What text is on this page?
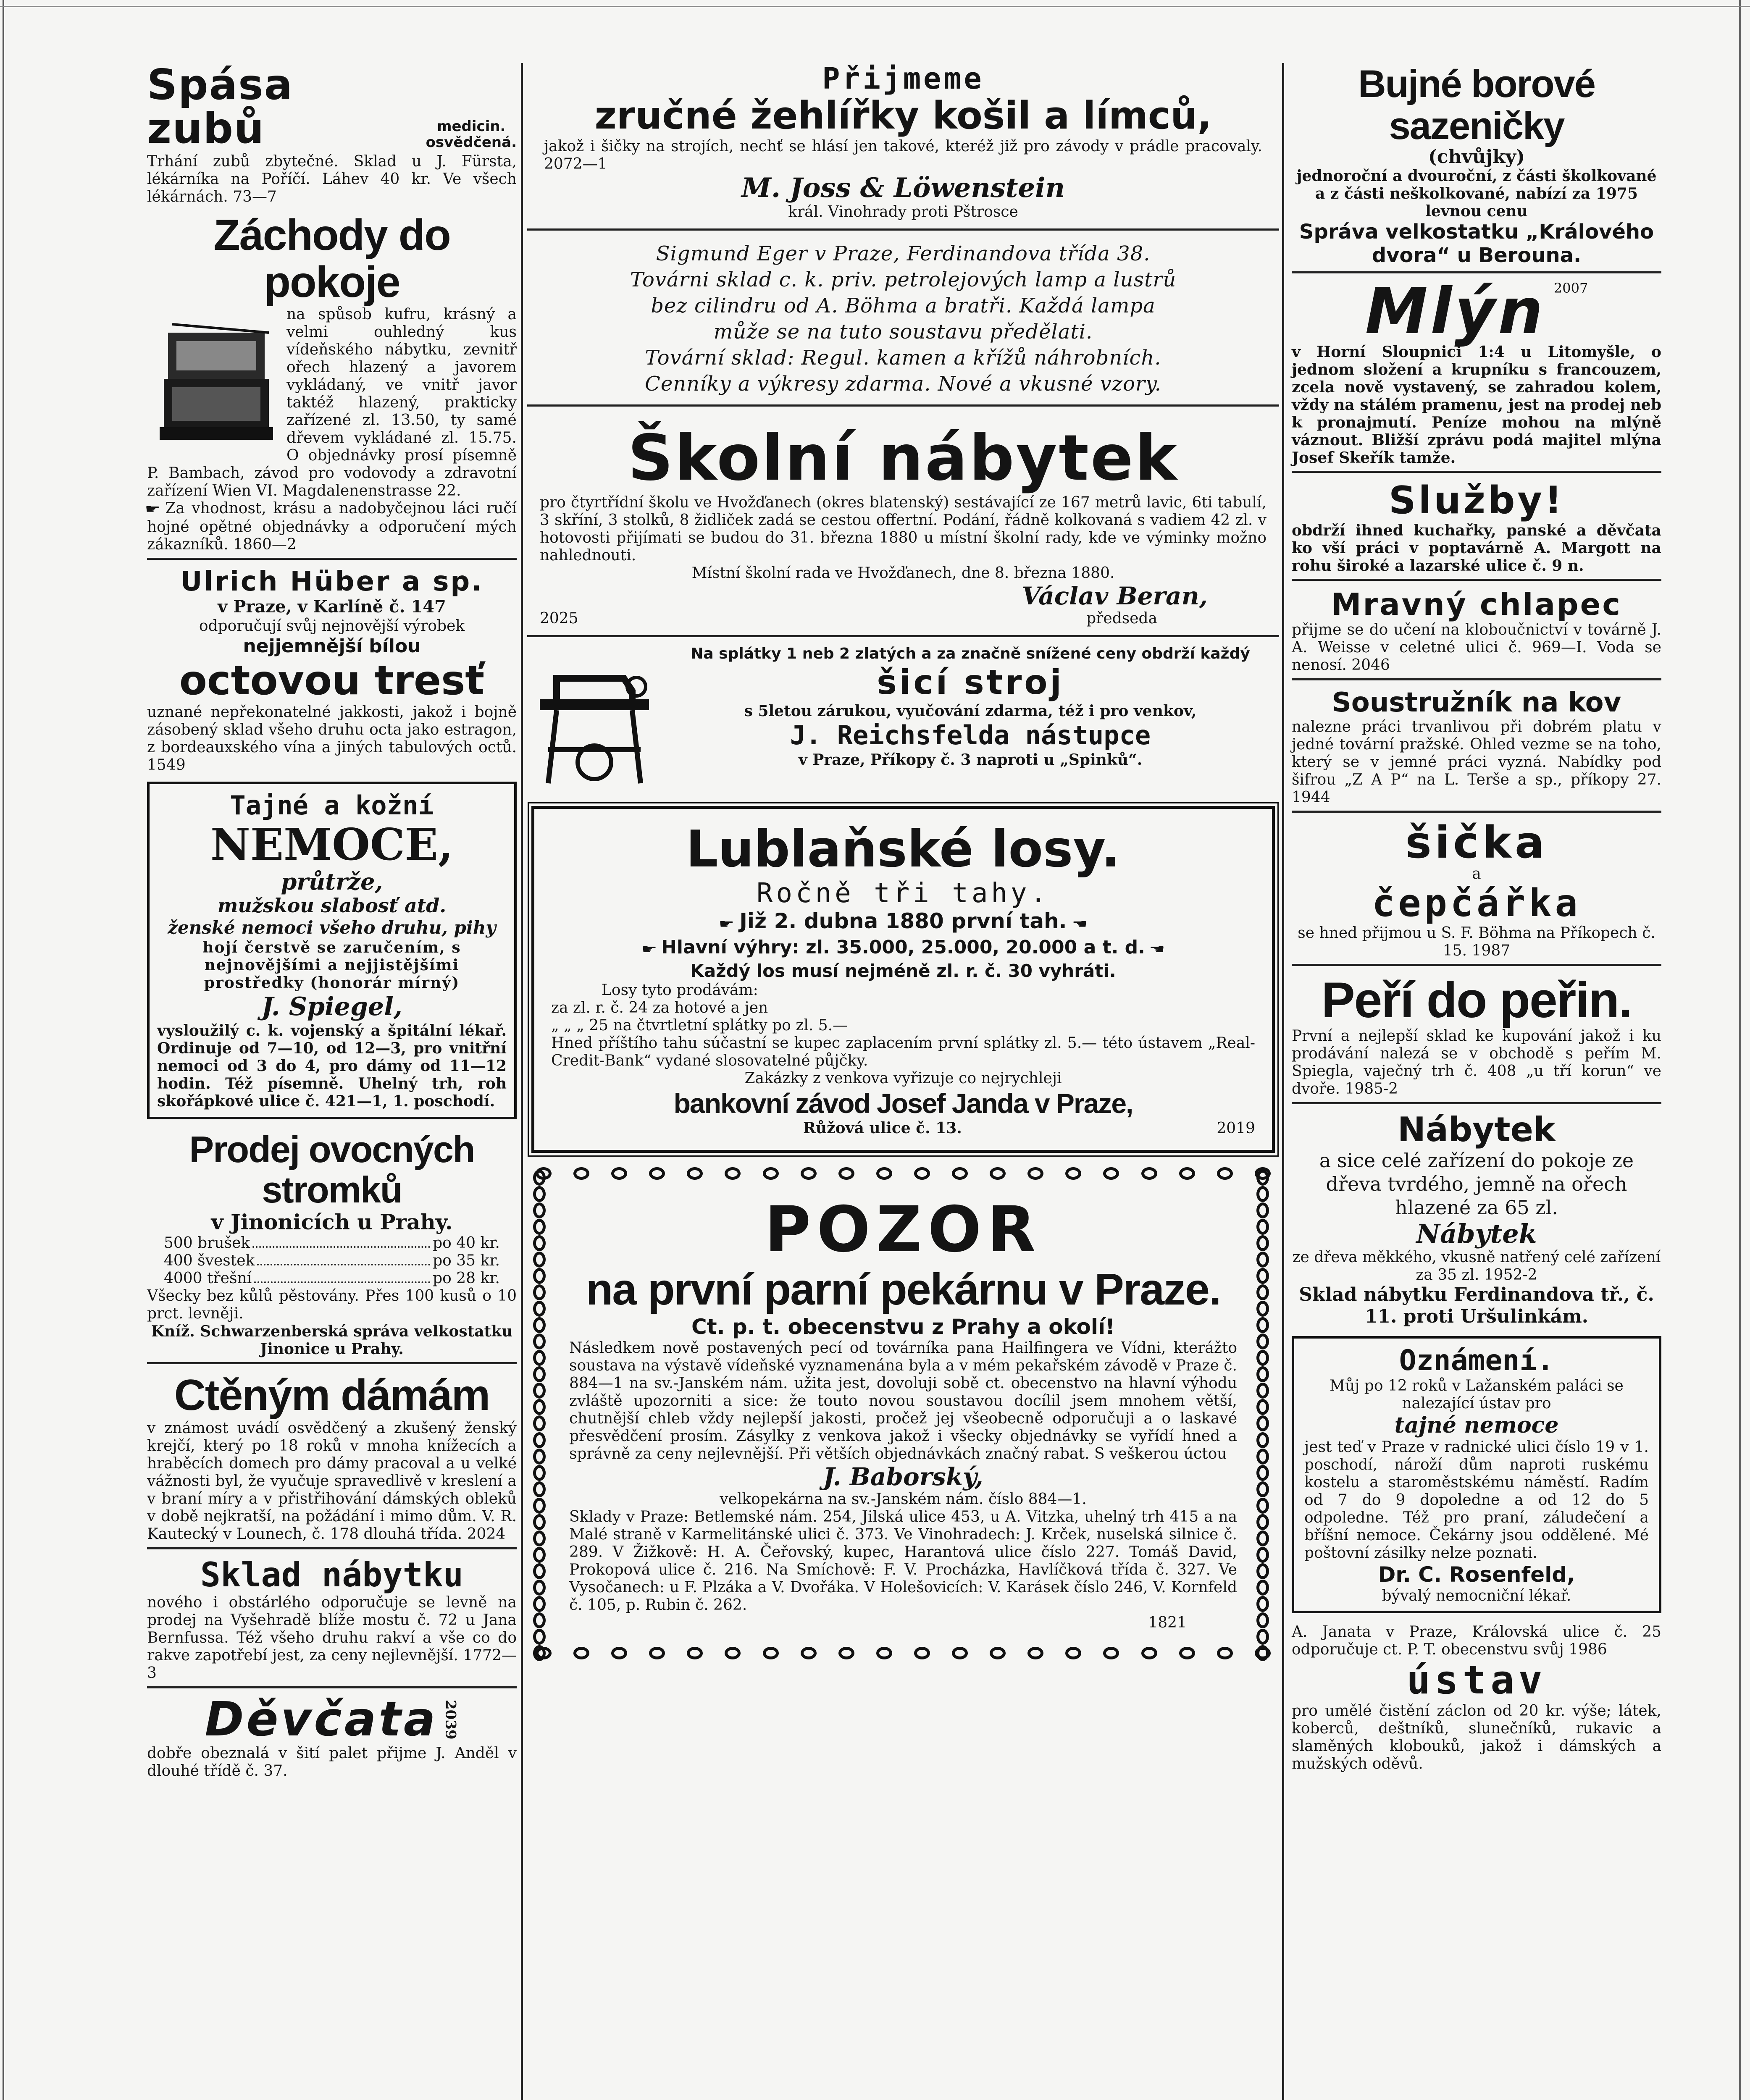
Spása zubů	medicin.
osvědčená.
Trhání zubů zbytečné. Sklad u J. Fürsta, lékárníka na Poříčí. Láhev 40 kr. Ve všech lékárnách. 73—7
Záchody do pokoje
na spůsob kufru, krásný a velmi ouhledný kus vídeňského nábytku, zevnitř ořech hlazený a javorem vykládaný, ve vnitř javor taktéž hlazený, prakticky zařízené zl. 13.50, ty samé dřevem vykládané zl. 15.75. O objednávky prosí písemně P. Bambach, závod pro vodovody a zdravotní zařízení Wien VI. Magdalenenstrasse 22.
☛ Za vhodnost, krásu a nadobyčejnou láci ručí hojné opětné objednávky a odporučení mých zákazníků. 1860—2
Ulrich Hüber a sp.
v Praze, v Karlíně č. 147
odporučují svůj nejnovější výrobek
nejjemnější bílou
octovou tresť
uznané nepřekonatelné jakkosti, jakož i bojně zásobený sklad všeho druhu octa jako estragon, z bordeauxského vína a jiných tabulových octů. 1549
Tajné a kožní
NEMOCE,
průtrže,
mužskou slabosť atd.
ženské nemoci všeho druhu, pihy
hojí čerstvě se zaručením, s nejnovějšími a nejjistějšími prostředky (honorár mírný)
J. Spiegel,
vysloužilý c. k. vojenský a špitální lékař. Ordinuje od 7—10, od 12—3, pro vnitřní nemoci od 3 do 4, pro dámy od 11—12 hodin. Též písemně. Uhelný trh, roh skořápkové ulice č. 421—1, 1. poschodí.
Prodej ovocných stromků
v Jinonicích u Prahy.
500 brušek	po 40 kr.
400 švestek	po 35 kr.
4000 třešní	po 28 kr.
Všecky bez kůlů pěstovány. Přes 100 kusů o 10 prct. levněji.
Kníž. Schwarzenberská správa velkostatku Jinonice u Prahy.
Ctěným dámám
v známost uvádí osvědčený a zkušený ženský krejčí, který po 18 roků v mnoha knížecích a hraběcích domech pro dámy pracoval a u velké vážnosti byl, že vyučuje spravedlivě v kreslení a v braní míry a v přistřihování dámských obleků v době nejkratší, na požádání i mimo dům. V. R. Kautecký v Lounech, č. 178 dlouhá třída. 2024
Sklad nábytku
nového i obstárlého odporučuje se levně na prodej na Vyšehradě blíže mostu č. 72 u Jana Bernfussa. Též všeho druhu rakví a vše co do rakve zapotřebí jest, za ceny nejlevnější. 1772—3
Děvčata 2039
dobře obeznalá v šití palet přijme J. Anděl v dlouhé třídě č. 37.
Přijmeme
zručné žehlířky košil a límců,
jakož i šičky na strojích, nechť se hlásí jen takové, kteréž již pro závody v prádle pracovaly. 2072—1
M. Joss & Löwenstein
král. Vinohrady proti Pštrosce
Sigmund Eger v Praze, Ferdinandova třída 38.
Továrni sklad c. k. priv. petrolejových lamp a lustrů
bez cilindru od A. Böhma a bratři. Každá lampa
může se na tuto soustavu předělati.
Tovární sklad: Regul. kamen a křížů náhrobních.
Cenníky a výkresy zdarma. Nové a vkusné vzory.
Školní nábytek
pro čtyrtřídní školu ve Hvožďanech (okres blatenský) sestávající ze 167 metrů lavic, 6ti tabulí, 3 skříní, 3 stolků, 8 židliček zadá se cestou offertní. Podání, řádně kolkovaná s vadiem 42 zl. v hotovosti přijímati se budou do 31. března 1880 u místní školní rady, kde ve výminky možno nahlednouti.
Místní školní rada ve Hvožďanech, dne 8. března 1880.
Václav Beran,
2025	předseda
Na splátky 1 neb 2 zlatých a za značně snížené ceny obdrží každý
šicí stroj
s 5letou zárukou, vyučování zdarma, též i pro venkov,
J. Reichsfelda nástupce
v Praze, Příkopy č. 3 naproti u „Spinků“.
Lublaňské losy.
Ročně tři tahy.
☛ Již 2. dubna 1880 první tah. ☚
☛ Hlavní výhry: zl. 35.000, 25.000, 20.000 a t. d. ☚
Každý los musí nejméně zl. r. č. 30 vyhráti.
Losy tyto prodávám:
za zl. r. č. 24 za hotové a jen
„ „ „ 25 na čtvrtletní splátky po zl. 5.—
Hned příštího tahu súčastní se kupec zaplacením první splátky zl. 5.— této ústavem „Real-Credit-Bank“ vydané slosovatelné půjčky.
Zakázky z venkova vyřizuje co nejrychleji
bankovní závod Josef Janda v Praze,
Růžová ulice č. 13.	2019
POZOR
na první parní pekárnu v Praze.
Ct. p. t. obecenstvu z Prahy a okolí!
Následkem nově postavených pecí od továrníka pana Hailfingera ve Vídni, kterážto soustava na výstavě vídeňské vyznamenána byla a v mém pekařském závodě v Praze č. 884—1 na sv.-Janském nám. užita jest, dovoluji sobě ct. obecenstvo na hlavní výhodu zvláště upozorniti a sice: že touto novou soustavou docílil jsem mnohem větší, chutnější chleb vždy nejlepší jakosti, pročež jej všeobecně odporučuji a o laskavé přesvědčení prosím. Zásylky z venkova jakož i všecky objednávky se vyřídí hned a správně za ceny nejlevnější. Při větších objednávkách značný rabat. S veškerou úctou
J. Baborský,
velkopekárna na sv.-Janském nám. číslo 884—1.
Sklady v Praze: Betlemské nám. 254, Jilská ulice 453, u A. Vitzka, uhelný trh 415 a na Malé straně v Karmelitánské ulici č. 373. Ve Vinohradech: J. Krček, nuselská silnice č. 289. V Žižkově: H. A. Čeřovský, kupec, Harantová ulice číslo 227. Tomáš David, Prokopová ulice č. 216. Na Smíchově: F. V. Procházka, Havlíčková třída č. 327. Ve Vysočanech: u F. Plzáka a V. Dvořáka. V Holešovicích: V. Karásek číslo 246, V. Kornfeld č. 105, p. Rubin č. 262.
1821
Bujné borové sazeničky
(chvůjky)
jednoroční a dvouroční, z části školkované a z části neškolkované, nabízí za 1975 levnou cenu
Správa velkostatku „Králového dvora“ u Berouna.
Mlýn 2007
v Horní Sloupnici 1:4 u Litomyšle, o jednom složení a krupníku s francouzem, zcela nově vystavený, se zahradou kolem, vždy na stálém pramenu, jest na prodej neb k pronajmutí. Peníze mohou na mlýně váznout. Bližší zprávu podá majitel mlýna Josef Skeřík tamže.
Služby!
obdrží ihned kuchařky, panské a děvčata ko vší práci v poptavárně A. Margott na rohu široké a lazarské ulice č. 9 n.
Mravný chlapec
přijme se do učení na kloboučnictví v továrně J. A. Weisse v celetné ulici č. 969—I. Voda se nenosí. 2046
Soustružník na kov
nalezne práci trvanlivou při dobrém platu v jedné tovární pražské. Ohled vezme se na toho, který se v jemné práci vyzná. Nabídky pod šifrou „Z A P“ na L. Terše a sp., příkopy 27. 1944
šička
a
čepčářka
se hned přijmou u S. F. Böhma na Příkopech č. 15. 1987
Peří do peřin.
První a nejlepší sklad ke kupování jakož i ku prodávání nalezá se v obchodě s peřím M. Spiegla, vaječný trh č. 408 „u tří korun“ ve dvoře. 1985-2
Nábytek
a sice celé zařízení do pokoje ze
dřeva tvrdého, jemně na ořech
hlazené za 65 zl.
Nábytek
ze dřeva měkkého, vkusně natřený celé zařízení za 35 zl. 1952-2
Sklad nábytku Ferdinandova tř., č. 11. proti Uršulinkám.
Oznámení.
Můj po 12 roků v Lažanském paláci se nalezající ústav pro
tajné nemoce
jest teď v Praze v radnické ulici číslo 19 v 1. poschodí, nároží dům naproti ruskému kostelu a staroměstskému náměstí. Radím od 7 do 9 dopoledne a od 12 do 5 odpoledne. Též pro praní, záludečení a bříšní nemoce. Čekárny jsou oddělené. Mé poštovní zásilky nelze poznati.
Dr. C. Rosenfeld,
bývalý nemocniční lékař.
A. Janata v Praze, Královská ulice č. 25 odporučuje ct. P. T. obecenstvu svůj 1986
ústav
pro umělé čistění záclon od 20 kr. výše; látek, koberců, deštníků, slunečníků, rukavic a slaměných klobouků, jakož i dámských a mužských oděvů.
